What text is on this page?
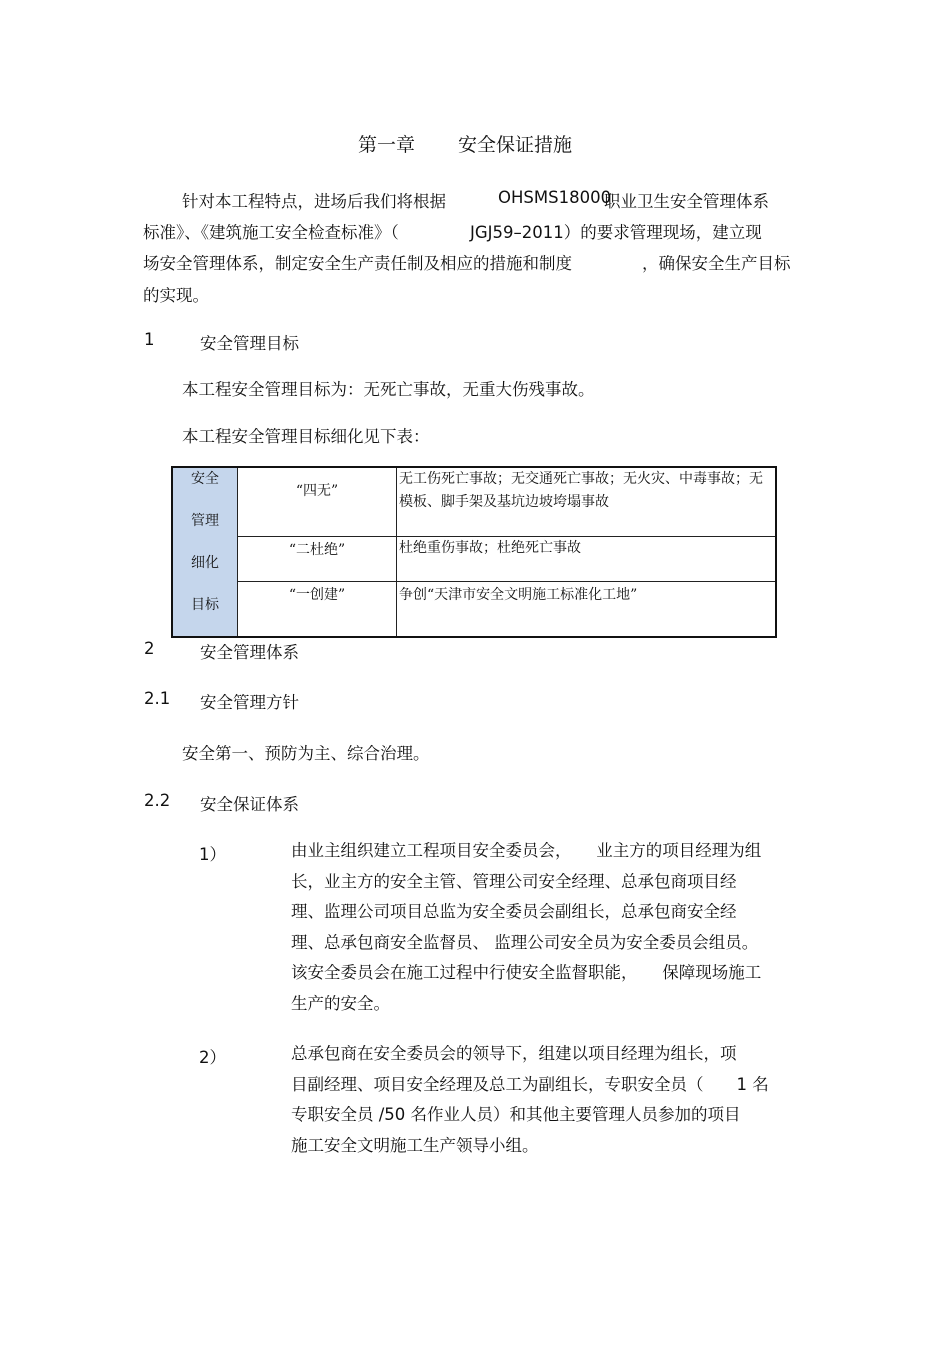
第一章 安全保证措施
针对本工程特点，进场后我们将根据	OHSMS18000
职业卫生安全管理体系
标准》、《建筑施工安全检查标准》（	JGJ59–2011）的要求管理现场，建立现
场安全管理体系，制定安全生产责任制及相应的措施和制度	，确保安全生产目标
的实现。
1	安全管理目标
本工程安全管理目标为：无死亡事故，无重大伤残事故。
本工程安全管理目标细化见下表：
安全
管理
细化
目标	“四无”	无工伤死亡事故；无交通死亡事故；无火灾、中毒事故；无模板、脚手架及基坑边坡垮塌事故
	“二杜绝”	杜绝重伤事故；杜绝死亡事故
	“一创建”	争创“天津市安全文明施工标准化工地”
2	安全管理体系
2.1 安全管理方针
安全第一、预防为主、综合治理。
2.2 安全保证体系
1）	由业主组织建立工程项目安全委员会，　　业主方的项目经理为组
长，业主方的安全主管、管理公司安全经理、总承包商项目经
理、监理公司项目总监为安全委员会副组长，总承包商安全经
理、总承包商安全监督员、 监理公司安全员为安全委员会组员。
该安全委员会在施工过程中行使安全监督职能，　　保障现场施工
生产的安全。
2）	总承包商在安全委员会的领导下，组建以项目经理为组长，项
目副经理、项目安全经理及总工为副组长，专职安全员（　　1 名
专职安全员 /50 名作业人员）和其他主要管理人员参加的项目
施工安全文明施工生产领导小组。
